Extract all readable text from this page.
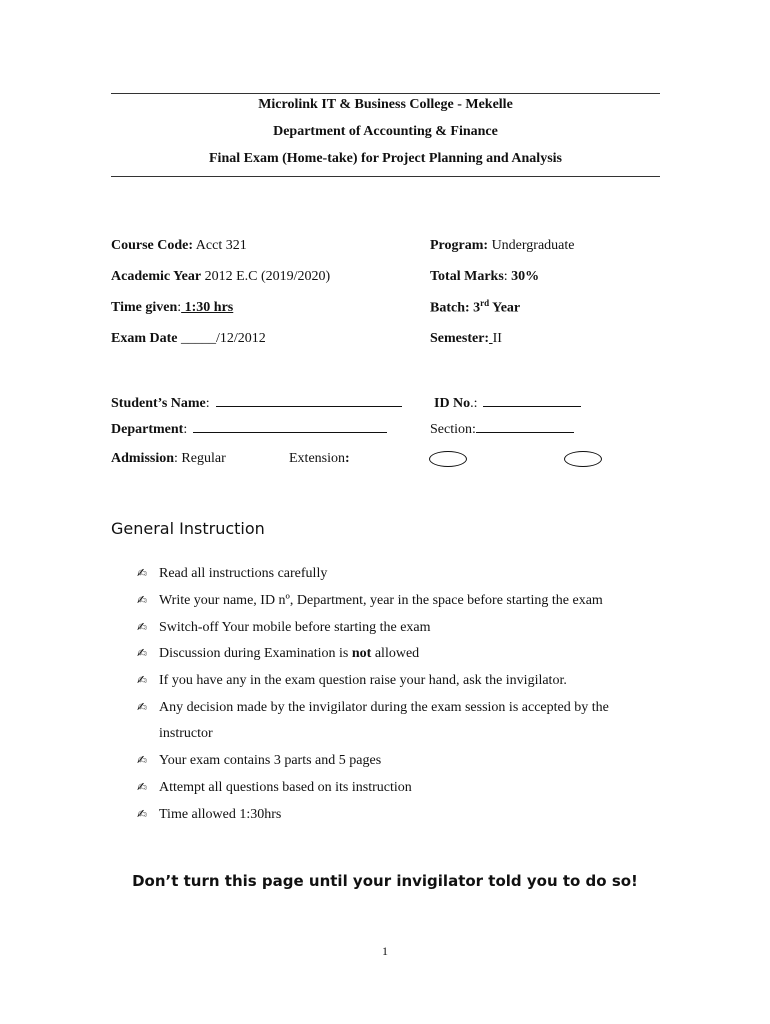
Microlink IT & Business College - Mekelle
Department of Accounting & Finance
Final Exam (Home-take) for Project Planning and Analysis
Course Code: Acct 321	Program: Undergraduate
Academic Year 2012 E.C (2019/2020)	Total Marks: 30%
Time given: 1:30 hrs	Batch: 3rd Year
Exam Date _____/12/2012	Semester: II
Student’s Name:	ID No.:
Department:	Section:
Admission: Regular	Extension:
General Instruction
✍ Read all instructions carefully
✍ Write your name, ID nº, Department, year in the space before starting the exam
✍ Switch-off Your mobile before starting the exam
✍ Discussion during Examination is not allowed
✍ If you have any in the exam question raise your hand, ask the invigilator.
✍ Any decision made by the invigilator during the exam session is accepted by the
instructor
✍ Your exam contains 3 parts and 5 pages
✍ Attempt all questions based on its instruction
✍ Time allowed 1:30hrs
Don’t turn this page until your invigilator told you to do so!
1
